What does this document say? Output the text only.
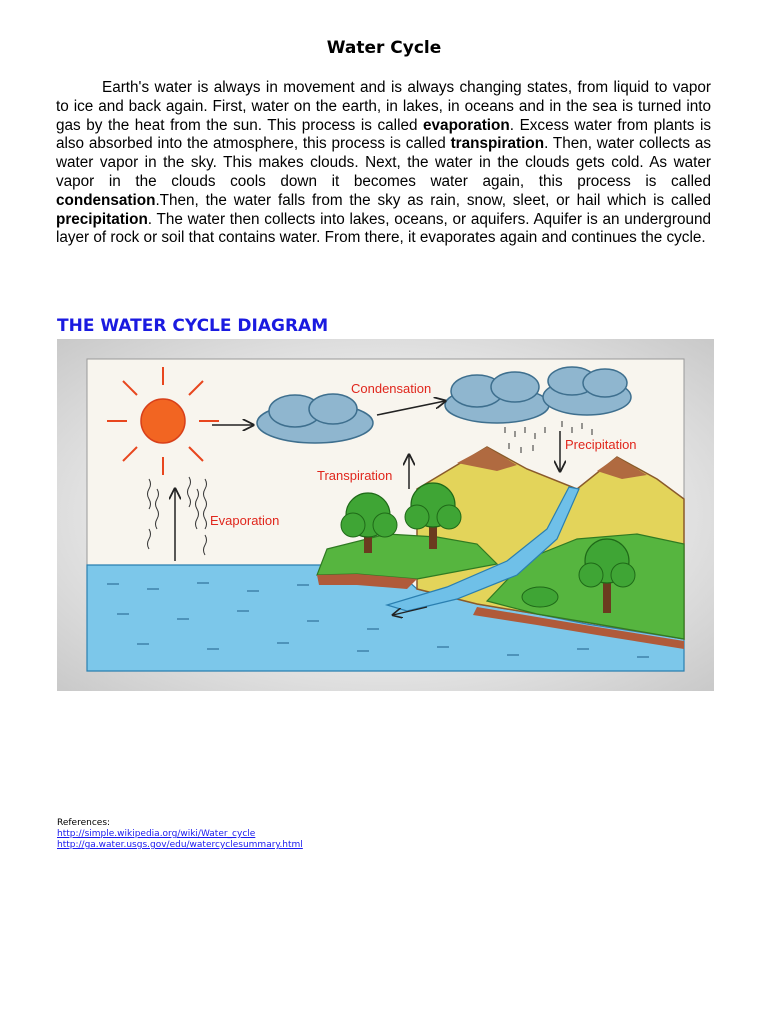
Water Cycle

Earth's water is always in movement and is always changing states, from liquid to vapor to ice and back again. First, water on the earth, in lakes, in oceans and in the sea is turned into gas by the heat from the sun. This process is called evaporation. Excess water from plants is also absorbed into the atmosphere, this process is called transpiration. Then, water collects as water vapor in the sky. This makes clouds. Next, the water in the clouds gets cold. As water vapor in the clouds cools down it becomes water again, this process is called condensation.Then, the water falls from the sky as rain, snow, sleet, or hail which is called precipitation. The water then collects into lakes, oceans, or aquifers. Aquifer is an underground layer of rock or soil that contains water. From there, it evaporates again and continues the cycle.

THE WATER CYCLE DIAGRAM
Condensation
Precipitation
Transpiration
Evaporation
References:
http://simple.wikipedia.org/wiki/Water_cycle
http://ga.water.usgs.gov/edu/watercyclesummary.html
